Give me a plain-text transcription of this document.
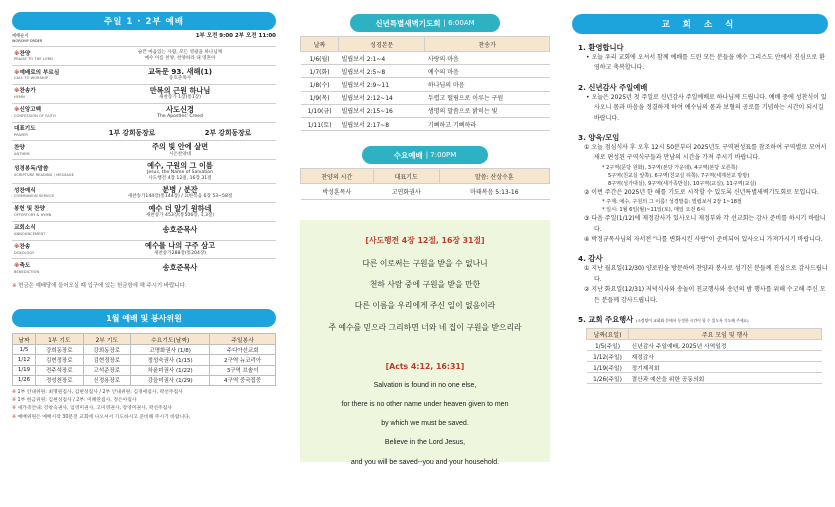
주일 1 · 2부 예배
예배순서
WORSHIP ORDER
1부 오전 9:00 2부 오전 11:00
※찬양
PRAISE TO THE LORD
슬픈 마음있는 사람, 모든 영광을 하나님께
예수 이름 찬양, 찬양하라 내 영혼아
※예배로의 부르심
CALL TO WORSHIP
교독문 93. 새해(1)
송호준목사
※찬송가
HYMN
만복의 근원 하나님
새찬송가 1장(통1장)
※신앙고백
CONFESSION OF FAITH
사도신경
The Apostles' Creed
대표기도
PRAYER	1부 강희동장로	2부 강희동장로
찬양
ANTHEM
주의 빛 안에 살면
시온찬양대
성경봉독/말씀
SCRIPTURE READING / MESSAGE
예수, 구원의 그 이름
Jesus, the Name of Salvation
사도행전 4장 12절, 16장 31절
성찬예식
COMMUNION SERVICE
분병 / 분잔
새찬송가144장(통144장) / 요한복음 6장 53~58절
봉헌 및 찬양
OFFERTORY & HYMN
예수 더 알기 원하네
새찬송가 453장(통506장, 1,3절)
교회소식
ANNOUNCEMENT	송호준목사
※찬송
DOXOLOGY
예수를 나의 구주 삼고
새찬송가288장(통204장)
※축도
BENEDICTION	송호준목사
※ 헌금은 예배당에 들어오실 때 입구에 있는 헌금함에 해 주시기 바랍니다.
1월 예배 및 봉사위원
날짜	1부 기도	2부 기도	수요기도(날짜)	주일봉사
1/5	강희동장로	강희동장로	고명화권사 (1/8)	주디아선교회
1/12	김현정장로	김현정장로	정성숙권사 (1/15)	2구역 뉴코리아
1/19	전주석장로	고석준장로	차윤미권사 (1/22)	3구역 브솔이
1/26	정성천장로	신정용장로	강을미권사 (1/29)	4구역 중국집중
※ 1부 안내위원: 최명원집사, 김현성집사 / 2부 안내위원: 김경애집사, 곽선주집사
※ 1부 헌금위원: 김현성집사 / 2부: 이혜란집사, 정은아집사
※ 새가족안내: 강창숙권사, 임영미권사, 고미영권사, 장영미권사, 곽선주집사
※ 예배위원은 예배시작 30분전 교회에 나오셔서 기도하시고 준비해 주시기 바랍니다.
신년특별새벽기도회 | 6:00AM
날짜	성경본문	찬송가
1/6(월)	빌립보서 2:1~4	사랑의 마음
1/7(화)	빌립보서 2:5~8	예수의 마음
1/8(수)	빌립보서 2:9~11	하나님의 마음
1/9(목)	빌립보서 2:12~14	두렵고 떨림으로 이루는 구원
1/10(금)	빌립보서 2:15~16	생명의 말씀으로 밝히는 빛
1/11(토)	빌립보서 2:17~8	기뻐하고 기뻐하라
수요예배 | 7:00PM
찬양의 시간	대표기도	말씀: 산상수훈
박성훈목사	고연화권사	마태복음 5:13-16
[사도행전 4장 12절, 16장 31절]
다른 이로써는 구원을 받을 수 없나니
천하 사람 중에 구원을 받을 만한
다른 이름을 우리에게 주신 일이 없음이라
주 예수를 믿으라 그리하면 너와 네 집이 구원을 받으리라
[Acts 4:12, 16:31]
Salvation is found in no one else,
for there is no other name under heaven given to men
by which we must be saved.
Believe in the Lord Jesus,
and you will be saved--you and your household.
교 회 소 식
1. 환영합니다
• 오늘 우리 교회에 오셔서 함께 예배를 드린 모든 분들을 예수 그리스도 안에서 진심으로 환영하고 축복합니다.
2. 신년감사 주일예배
• 오늘은 2025년 첫 주일로 신년감사 주일예배로 하나님께 드립니다. 예배 중에 성찬식이 있사오니 몸과 마음을 정결하게 하여 예수님의 몸과 보혈의 공로를 기념하는 시간이 되시길 바랍니다.
3. 양육/모임
① 오늘 점심식사 후 오후 12시 50분부터 2025년도 구역편성표를 참조하여 구역별로 모여서 새로 편성된 구역식구들과 만남의 시간을 가져 주시기 바랍니다.
* 2구역(문당 원화), 3구역(본당 가운데), 4구역(본당 오른쪽)
5구역(친교실 앞쪽), 6구역(친교실 뒤쪽), 7구역(세계선교 방방)
8구역(성가대실), 9구역(세가족반실), 10구역(교실), 11구역(교실)
② 이번 주간은 2025년 한 해를 기도로 시작할 수 있도록 신년특별새벽기도회로 모입니다.
* 주제: 예수, 구원의 그 이름! 성경말씀: 빌립보서 2장 1~18절
* 일시: 1월 6일(월)~11일(토), 매일 오전 6시
③ 다음 주일(1/12)에 재정감사가 있사오니 재정부와 각 선교회는 감사 준비를 하시기 바랍니다.
④ 박정규목사님의 자서전 "나를 변화시킨 사랑"이 준비되어 있사오니 가져가시기 바랍니다.
4. 감사
① 지난 월요일(12/30) 양로원을 방문하여 찬양과 봉사로 섬기신 분들께 진심으로 감사드립니다.
② 지난 화요일(12/31) 저녁식사와 송놀이 친교행사와 송년의 밤 행사를 위해 수고해 주신 모든 분들께 감사드립니다.
5. 교회 주요행사 (소정방이 교회와 문에서 동정한 시간이 될 수 있도록 기도해 주세요)
날짜(요일)	주요 모임 및 행사
1/5(주일)	신년감사 주일예배, 2025년 사역일정
1/12(주일)	재정감사
1/19(주일)	정기제직회
1/26(주일)	결산과 예산을 위한 공동의회
